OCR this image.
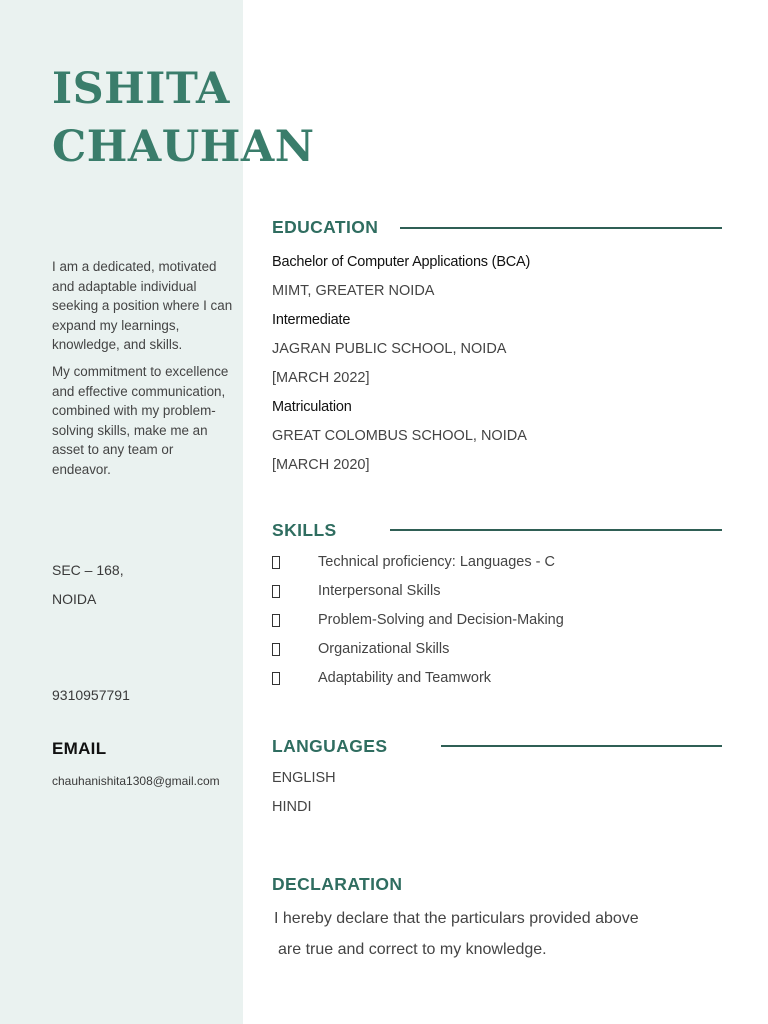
ISHITA
CHAUHAN

I am a dedicated, motivated and adaptable individual seeking a position where I can expand my learnings, knowledge, and skills.

My commitment to excellence and effective communication, combined with my problem-solving skills, make me an asset to any team or endeavor.

SEC – 168,
NOIDA
9310957791
EMAIL
chauhanishita1308@gmail.com
EDUCATION
Bachelor of Computer Applications (BCA)
MIMT, GREATER NOIDA
Intermediate
JAGRAN PUBLIC SCHOOL, NOIDA
[MARCH 2022]
Matriculation
GREAT COLOMBUS SCHOOL, NOIDA
[MARCH 2020]
SKILLS
Technical proficiency: Languages - C
Interpersonal Skills
Problem-Solving and Decision-Making
Organizational Skills
Adaptability and Teamwork
LANGUAGES
ENGLISH
HINDI
DECLARATION
I hereby declare that the particulars provided above
are true and correct to my knowledge.
